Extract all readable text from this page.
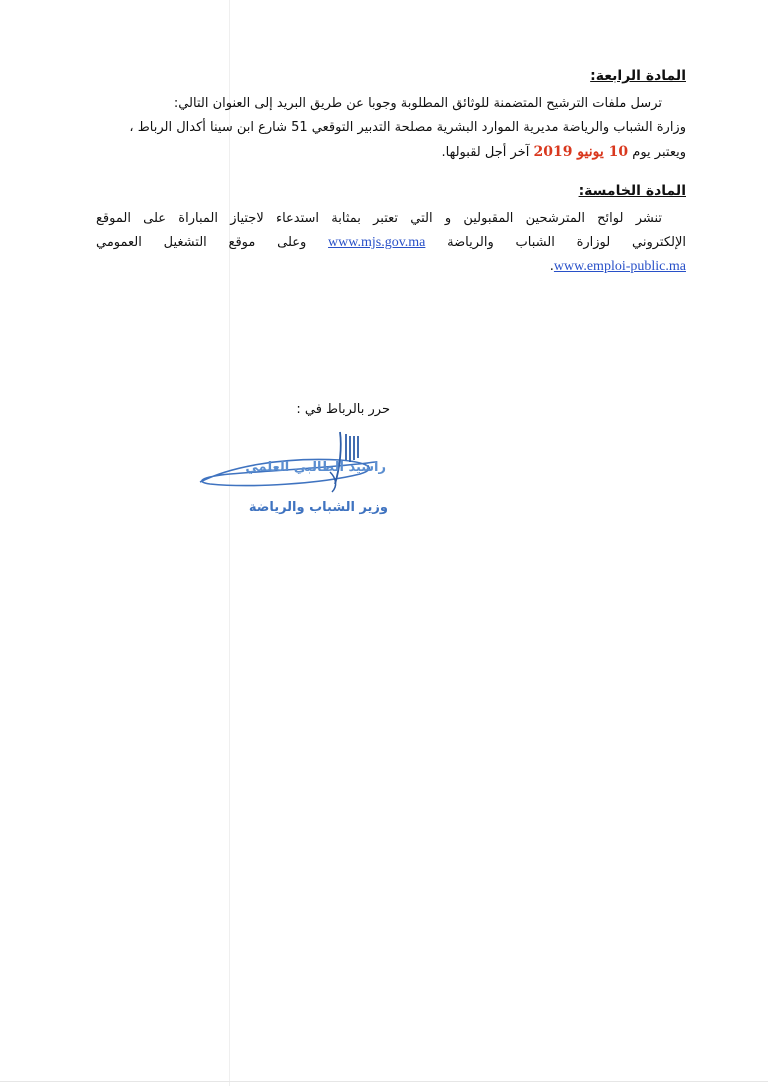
المادة الرابعة:

ترسل ملفات الترشيح المتضمنة للوثائق المطلوبة وجوبا عن طريق البريد إلى العنوان التالي:

وزارة الشباب والرياضة مديرية الموارد البشرية مصلحة التدبير التوقعي 51 شارع ابن سينا أكدال الرباط ،

ويعتبر يوم 10 يونيو 2019 آخر أجل لقبولها.

المادة الخامسة:

تنشر لوائح المترشحين المقبولين و التي تعتبر بمثابة استدعاء لاجتياز المباراة على الموقع

الإلكتروني لوزارة الشباب والرياضة www.mjs.gov.ma وعلى موقع التشغيل العمومي

www.emploi-public.ma.

حرر بالرباط في :
راشيد الطالبي العلمي
وزير الشباب والرياضة
